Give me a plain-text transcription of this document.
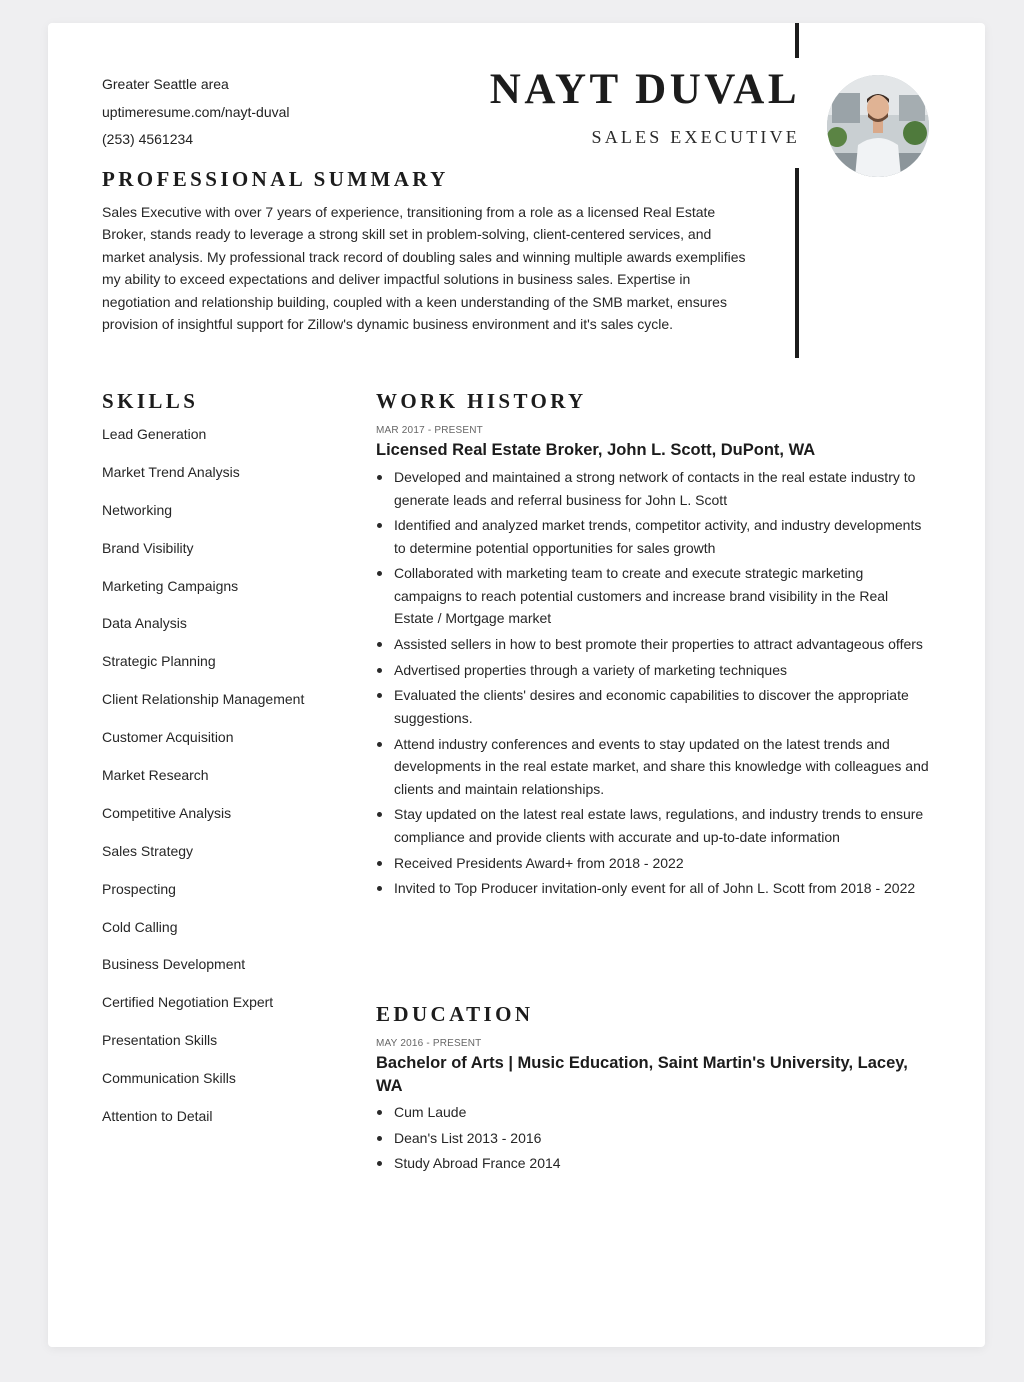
Greater Seattle area
uptimeresume.com/nayt-duval
(253) 4561234
NAYT DUVAL
SALES EXECUTIVE
PROFESSIONAL SUMMARY
Sales Executive with over 7 years of experience, transitioning from a role as a licensed Real Estate Broker, stands ready to leverage a strong skill set in problem-solving, client-centered services, and market analysis. My professional track record of doubling sales and winning multiple awards exemplifies my ability to exceed expectations and deliver impactful solutions in business sales. Expertise in negotiation and relationship building, coupled with a keen understanding of the SMB market, ensures provision of insightful support for Zillow's dynamic business environment and it's sales cycle.
SKILLS
Lead Generation
Market Trend Analysis
Networking
Brand Visibility
Marketing Campaigns
Data Analysis
Strategic Planning
Client Relationship Management
Customer Acquisition
Market Research
Competitive Analysis
Sales Strategy
Prospecting
Cold Calling
Business Development
Certified Negotiation Expert
Presentation Skills
Communication Skills
Attention to Detail
WORK HISTORY
MAR 2017 - PRESENT
Licensed Real Estate Broker, John L. Scott, DuPont, WA
Developed and maintained a strong network of contacts in the real estate industry to generate leads and referral business for John L. Scott
Identified and analyzed market trends, competitor activity, and industry developments to determine potential opportunities for sales growth
Collaborated with marketing team to create and execute strategic marketing campaigns to reach potential customers and increase brand visibility in the Real Estate / Mortgage market
Assisted sellers in how to best promote their properties to attract advantageous offers
Advertised properties through a variety of marketing techniques
Evaluated the clients' desires and economic capabilities to discover the appropriate suggestions.
Attend industry conferences and events to stay updated on the latest trends and developments in the real estate market, and share this knowledge with colleagues and clients and maintain relationships.
Stay updated on the latest real estate laws, regulations, and industry trends to ensure compliance and provide clients with accurate and up-to-date information
Received Presidents Award+ from 2018 - 2022
Invited to Top Producer invitation-only event for all of John L. Scott from 2018 - 2022
EDUCATION
MAY 2016 - PRESENT
Bachelor of Arts | Music Education, Saint Martin's University, Lacey, WA
Cum Laude
Dean's List 2013 - 2016
Study Abroad France 2014
